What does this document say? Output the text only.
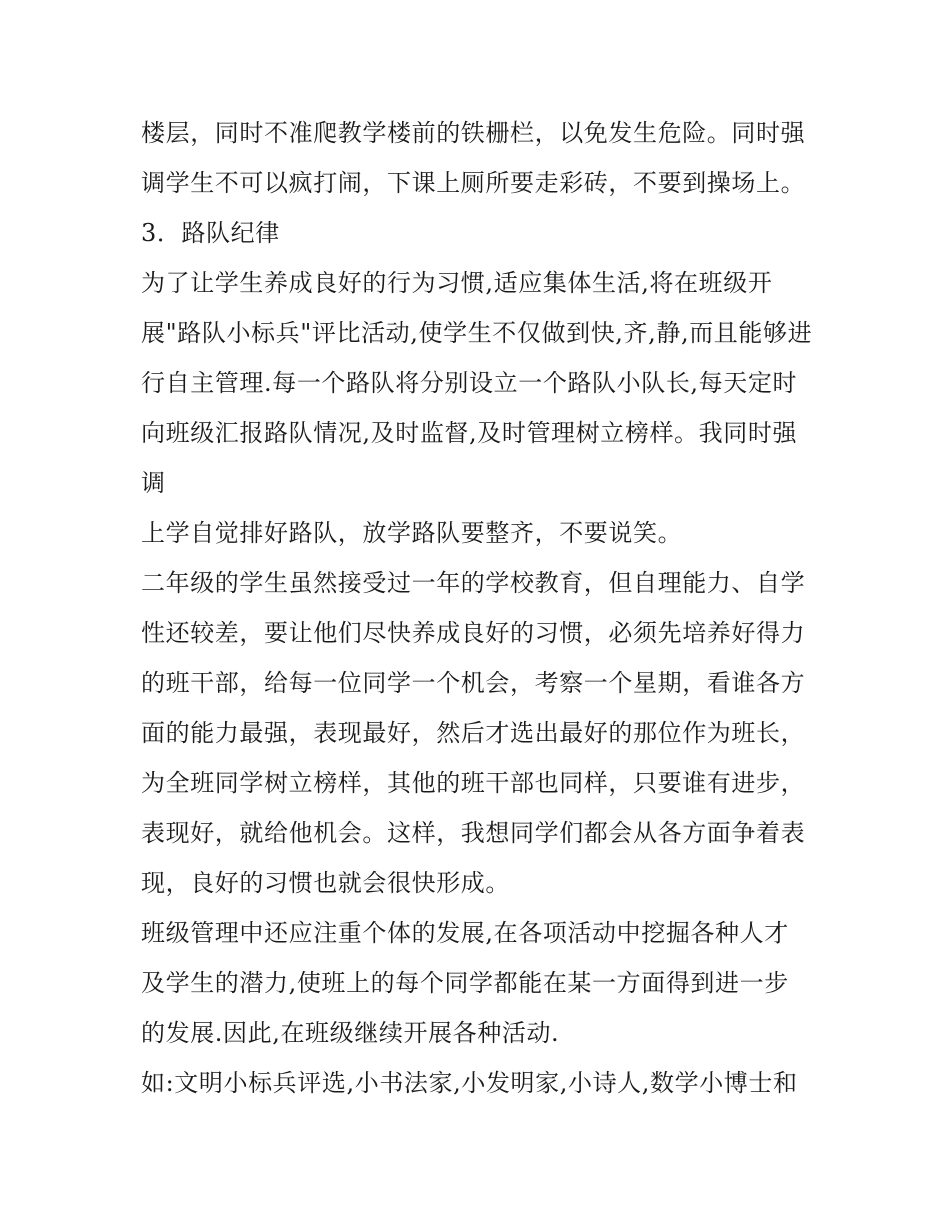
楼层，同时不准爬教学楼前的铁栅栏，以免发生危险。同时强
调学生不可以疯打闹，下课上厕所要走彩砖，不要到操场上。
3．路队纪律
为了让学生养成良好的行为习惯,适应集体生活,将在班级开
展"路队小标兵"评比活动,使学生不仅做到快,齐,静,而且能够进
行自主管理.每一个路队将分别设立一个路队小队长,每天定时
向班级汇报路队情况,及时监督,及时管理树立榜样。我同时强
调
上学自觉排好路队，放学路队要整齐，不要说笑。
二年级的学生虽然接受过一年的学校教育，但自理能力、自学
性还较差，要让他们尽快养成良好的习惯，必须先培养好得力
的班干部，给每一位同学一个机会，考察一个星期，看谁各方
面的能力最强，表现最好，然后才选出最好的那位作为班长，
为全班同学树立榜样，其他的班干部也同样，只要谁有进步，
表现好，就给他机会。这样，我想同学们都会从各方面争着表
现，良好的习惯也就会很快形成。
班级管理中还应注重个体的发展,在各项活动中挖掘各种人才
及学生的潜力,使班上的每个同学都能在某一方面得到进一步
的发展.因此,在班级继续开展各种活动.
如:文明小标兵评选,小书法家,小发明家,小诗人,数学小博士和
